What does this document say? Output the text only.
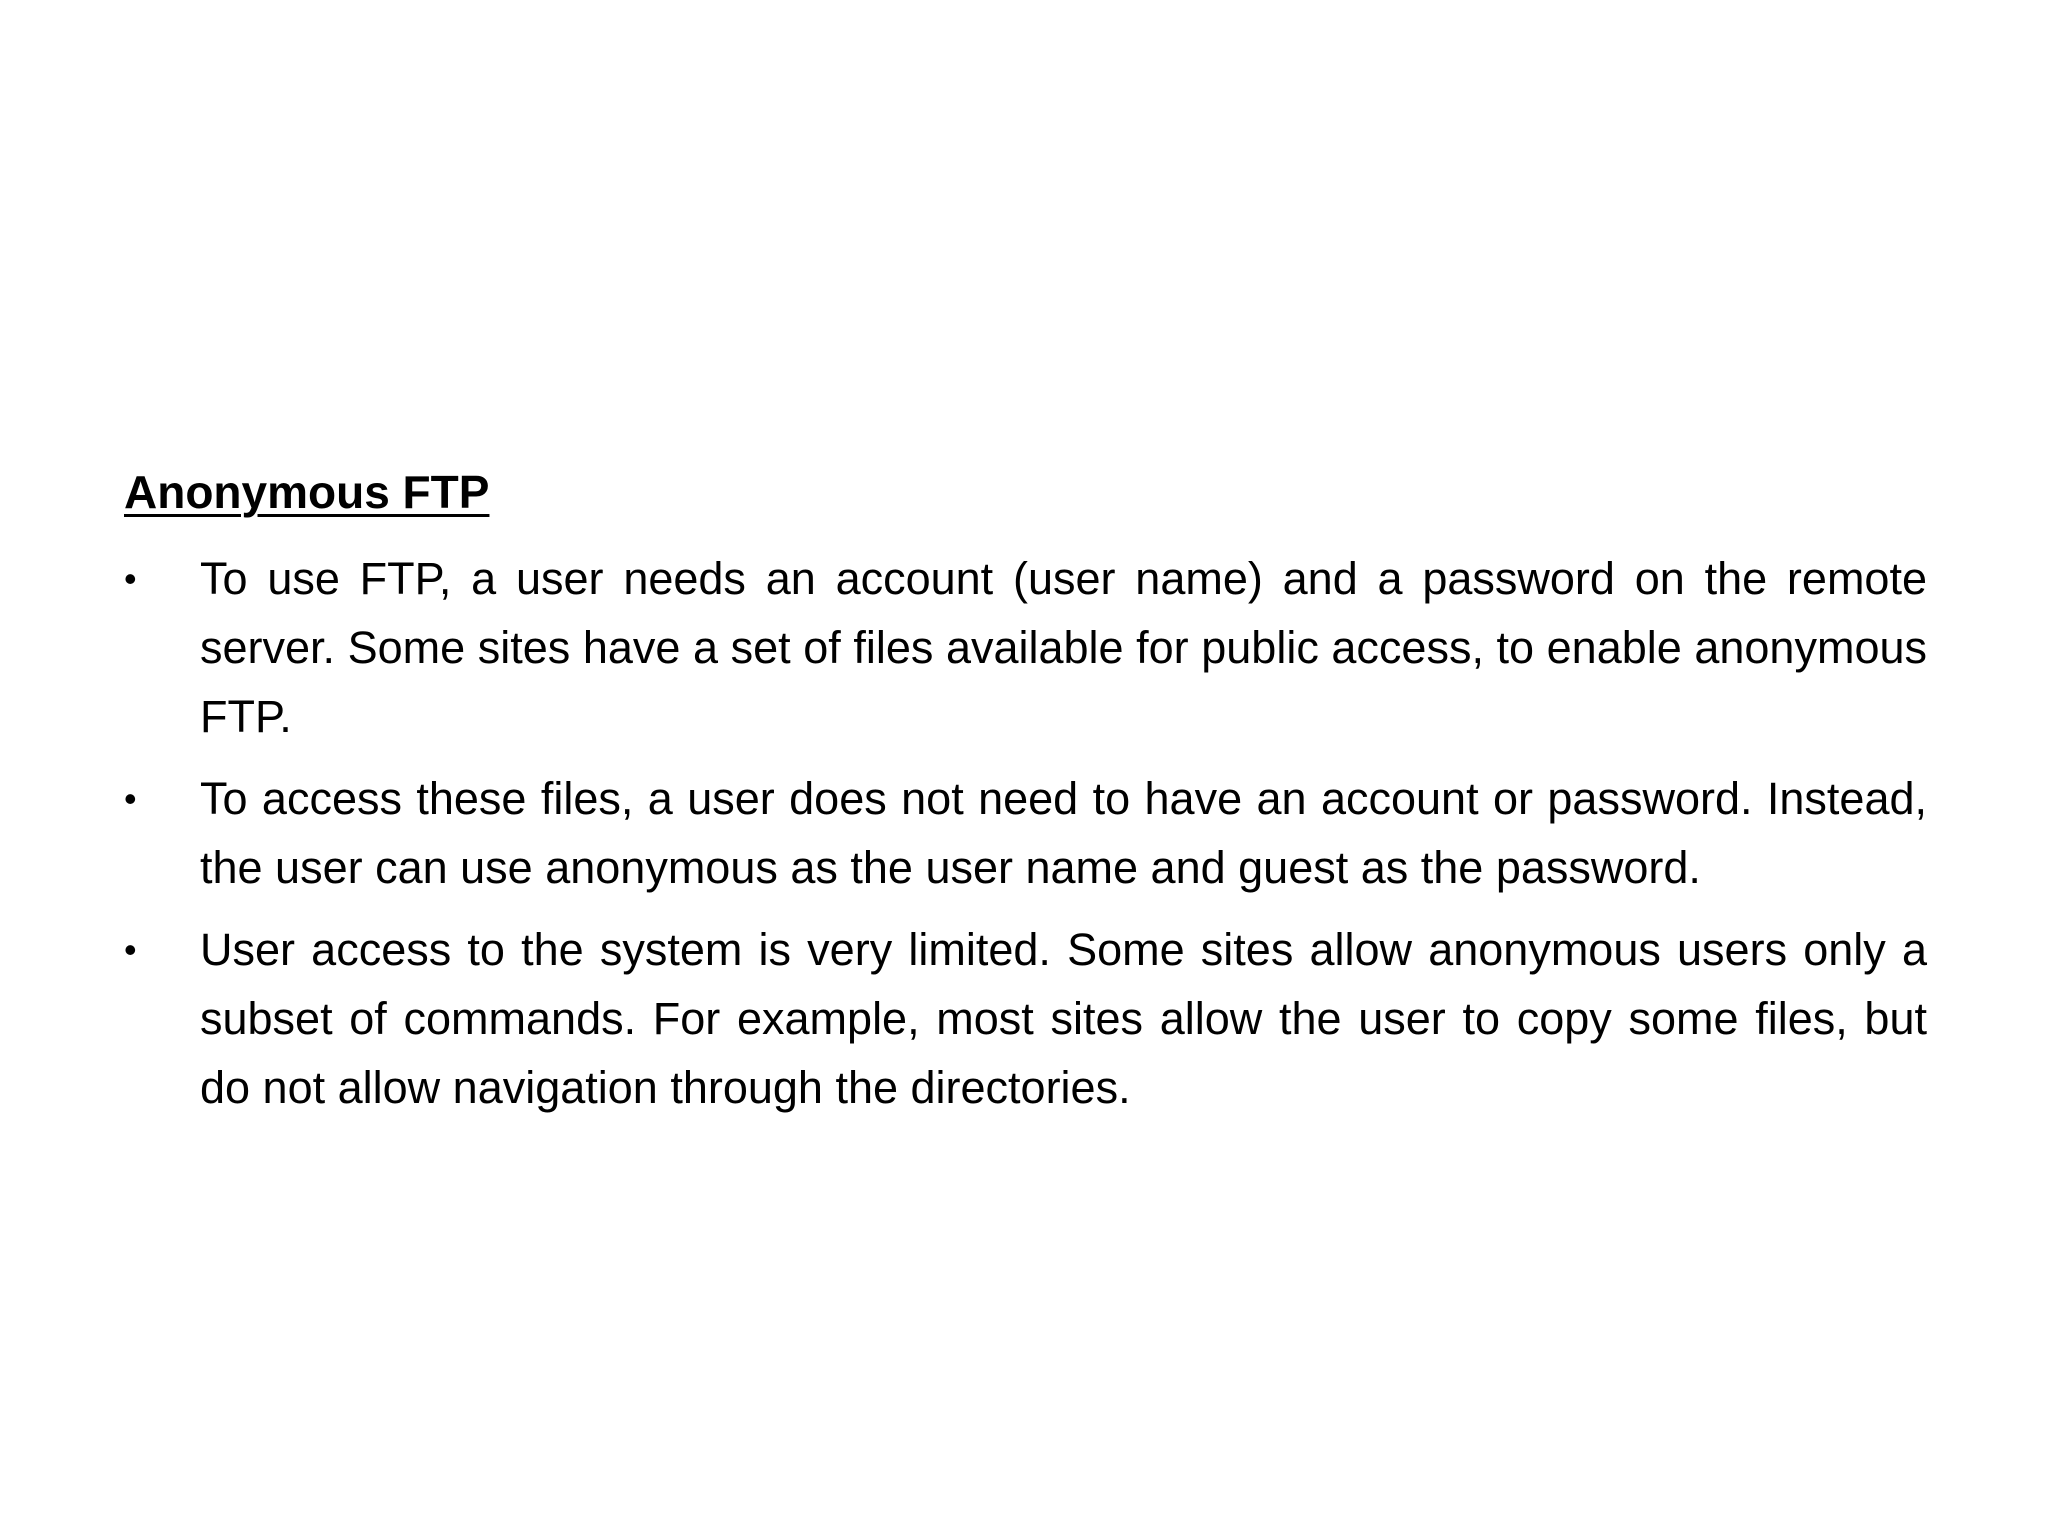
Anonymous FTP
•	To use FTP, a user needs an account (user name) and a password on the remote server. Some sites have a set of files available for public access, to enable anonymous FTP.
•	To access these files, a user does not need to have an account or password. Instead, the user can use anonymous as the user name and guest as the password.
•	User access to the system is very limited. Some sites allow anonymous users only a subset of commands. For example, most sites allow the user to copy some files, but do not allow navigation through the directories.
